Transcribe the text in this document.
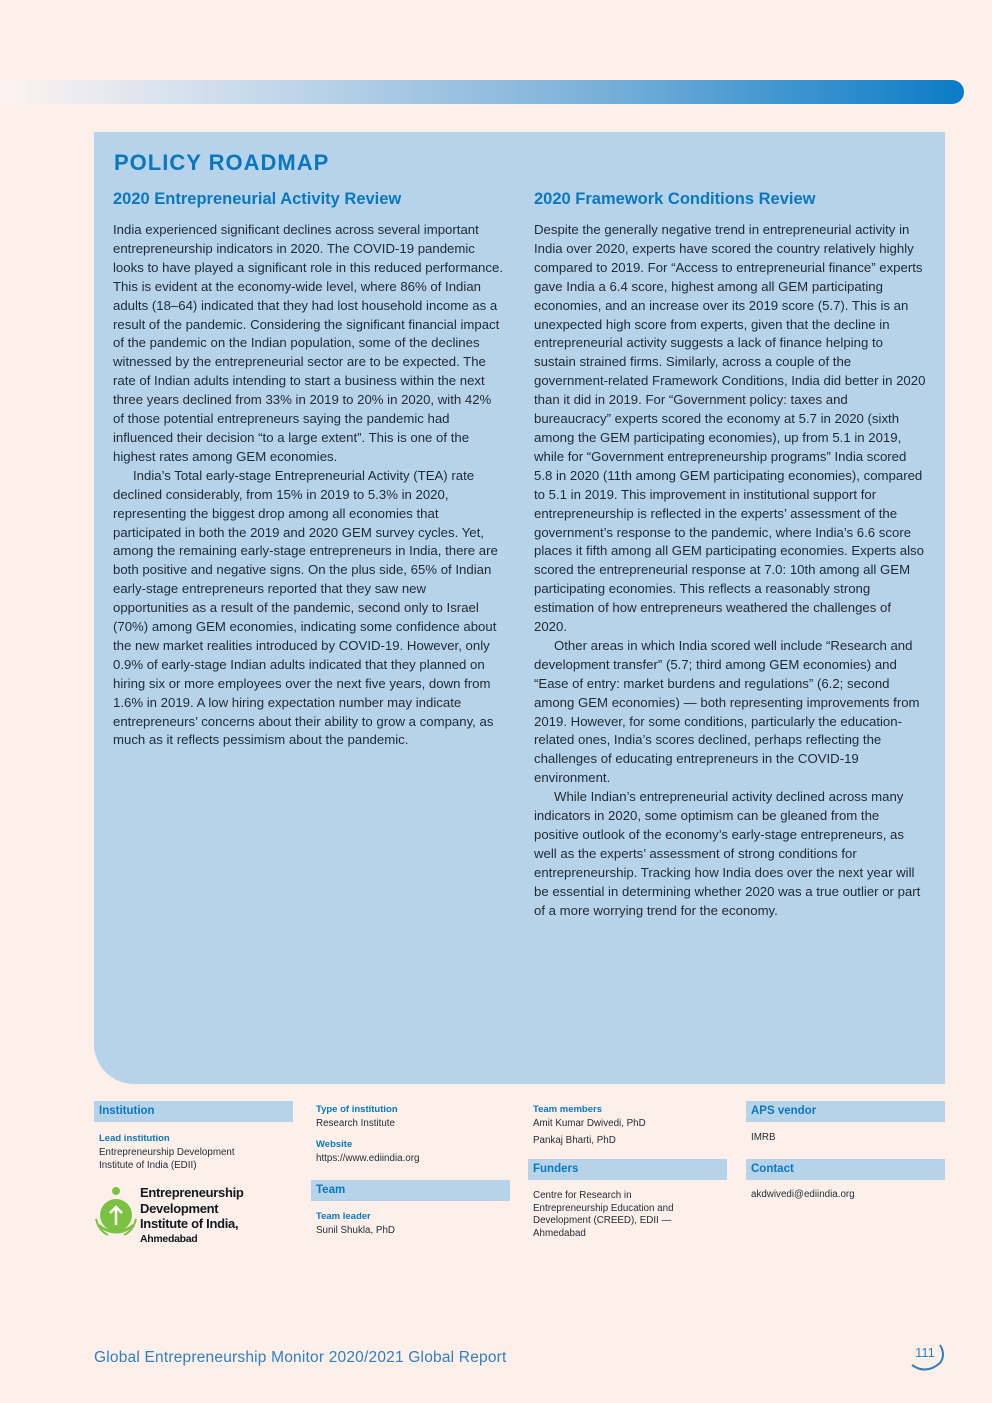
POLICY ROADMAP
2020 Entrepreneurial Activity Review

India experienced significant declines across several important entrepreneurship indicators in 2020. The COVID-19 pandemic looks to have played a significant role in this reduced performance. This is evident at the economy-wide level, where 86% of Indian adults (18–64) indicated that they had lost household income as a result of the pandemic. Considering the significant financial impact of the pandemic on the Indian population, some of the declines witnessed by the entrepreneurial sector are to be expected. The rate of Indian adults intending to start a business within the next three years declined from 33% in 2019 to 20% in 2020, with 42% of those potential entrepreneurs saying the pandemic had influenced their decision “to a large extent”. This is one of the highest rates among GEM economies.

India’s Total early-stage Entrepreneurial Activity (TEA) rate declined considerably, from 15% in 2019 to 5.3% in 2020, representing the biggest drop among all economies that participated in both the 2019 and 2020 GEM survey cycles. Yet, among the remaining early-stage entrepreneurs in India, there are both positive and negative signs. On the plus side, 65% of Indian early-stage entrepreneurs reported that they saw new opportunities as a result of the pandemic, second only to Israel (70%) among GEM economies, indicating some confidence about the new market realities introduced by COVID-19. However, only 0.9% of early-stage Indian adults indicated that they planned on hiring six or more employees over the next five years, down from 1.6% in 2019. A low hiring expectation number may indicate entrepreneurs’ concerns about their ability to grow a company, as much as it reflects pessimism about the pandemic.

2020 Framework Conditions Review

Despite the generally negative trend in entrepreneurial activity in India over 2020, experts have scored the country relatively highly compared to 2019. For “Access to entrepreneurial finance” experts gave India a 6.4 score, highest among all GEM participating economies, and an increase over its 2019 score (5.7). This is an unexpected high score from experts, given that the decline in entrepreneurial activity suggests a lack of finance helping to sustain strained firms. Similarly, across a couple of the government-related Framework Conditions, India did better in 2020 than it did in 2019. For “Government policy: taxes and bureaucracy” experts scored the economy at 5.7 in 2020 (sixth among the GEM participating economies), up from 5.1 in 2019, while for “Government entrepreneurship programs” India scored 5.8 in 2020 (11th among GEM participating economies), compared to 5.1 in 2019. This improvement in institutional support for entrepreneurship is reflected in the experts’ assessment of the government’s response to the pandemic, where India’s 6.6 score places it fifth among all GEM participating economies. Experts also scored the entrepreneurial response at 7.0: 10th among all GEM participating economies. This reflects a reasonably strong estimation of how entrepreneurs weathered the challenges of 2020.

Other areas in which India scored well include “Research and development transfer” (5.7; third among GEM economies) and “Ease of entry: market burdens and regulations” (6.2; second among GEM economies) — both representing improvements from 2019. However, for some conditions, particularly the education-related ones, India’s scores declined, perhaps reflecting the challenges of educating entrepreneurs in the COVID-19 environment.

While Indian’s entrepreneurial activity declined across many indicators in 2020, some optimism can be gleaned from the positive outlook of the economy’s early-stage entrepreneurs, as well as the experts’ assessment of strong conditions for entrepreneurship. Tracking how India does over the next year will be essential in determining whether 2020 was a true outlier or part of a more worrying trend for the economy.

Institution
Lead institution
Entrepreneurship Development Institute of India (EDII)
Entrepreneurship
Development
Institute of India,
Ahmedabad
Type of institution
Research Institute
Website
https://www.ediindia.org
Team
Team leader
Sunil Shukla, PhD
Team members
Amit Kumar Dwivedi, PhD
Pankaj Bharti, PhD
Funders
Centre for Research in Entrepreneurship Education and Development (CREED), EDII — Ahmedabad
APS vendor
IMRB
Contact
akdwivedi@ediindia.org
Global Entrepreneurship Monitor 2020/2021 Global Report	111
